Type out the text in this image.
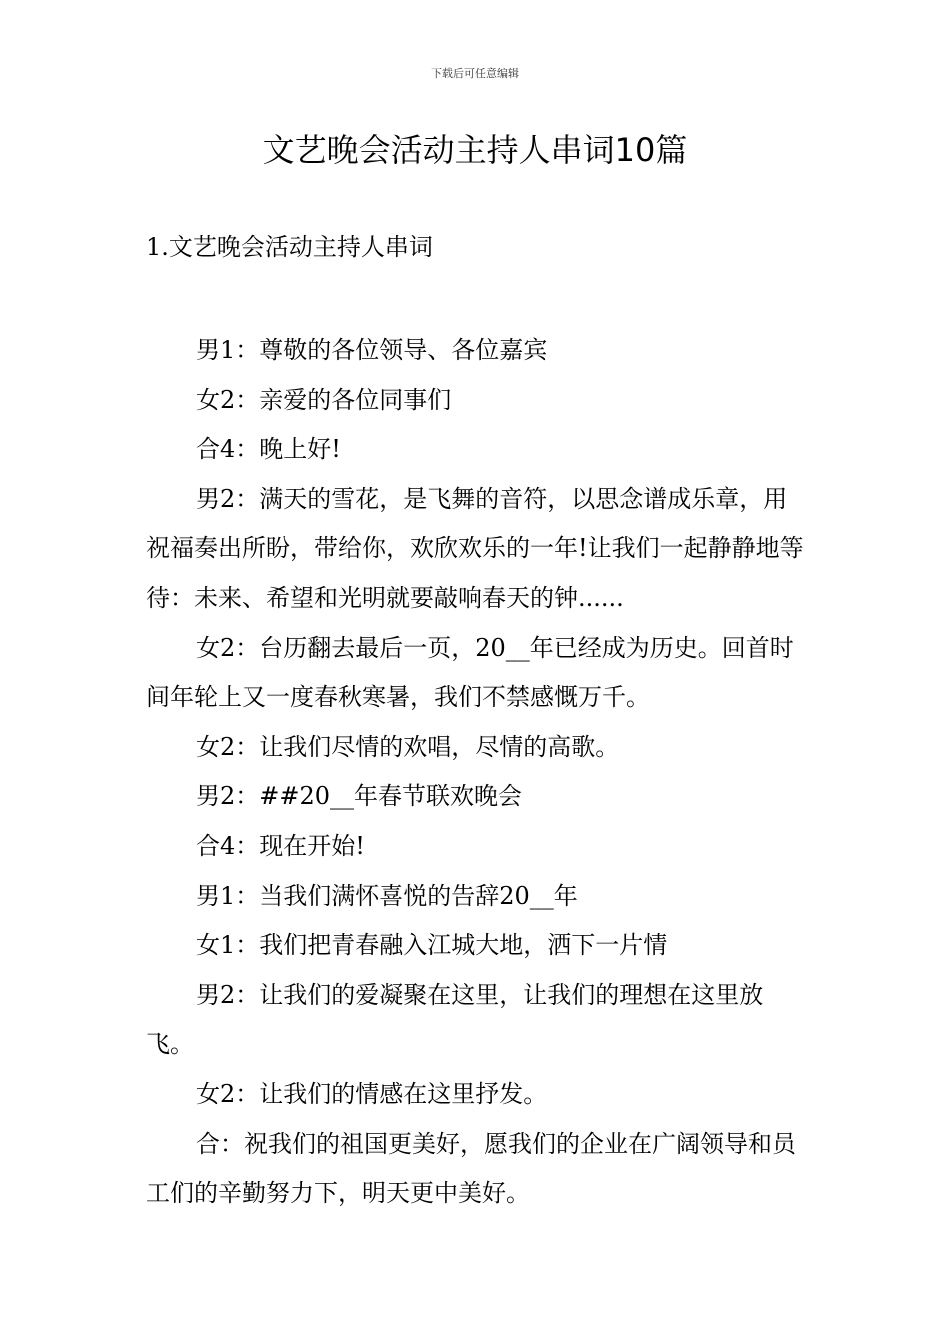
下载后可任意编辑
文艺晚会活动主持人串词10篇
1.文艺晚会活动主持人串词

男1：尊敬的各位领导、各位嘉宾

女2：亲爱的各位同事们

合4：晚上好!

男2：满天的雪花，是飞舞的音符，以思念谱成乐章，用祝福奏出所盼，带给你，欢欣欢乐的一年!让我们一起静静地等待：未来、希望和光明就要敲响春天的钟......

女2：台历翻去最后一页，20__年已经成为历史。回首时间年轮上又一度春秋寒暑，我们不禁感慨万千。

女2：让我们尽情的欢唱，尽情的高歌。

男2：##20__年春节联欢晚会

合4：现在开始!

男1：当我们满怀喜悦的告辞20__年

女1：我们把青春融入江城大地，洒下一片情

男2：让我们的爱凝聚在这里，让我们的理想在这里放飞。

女2：让我们的情感在这里抒发。

合：祝我们的祖国更美好，愿我们的企业在广阔领导和员工们的辛勤努力下，明天更中美好。
